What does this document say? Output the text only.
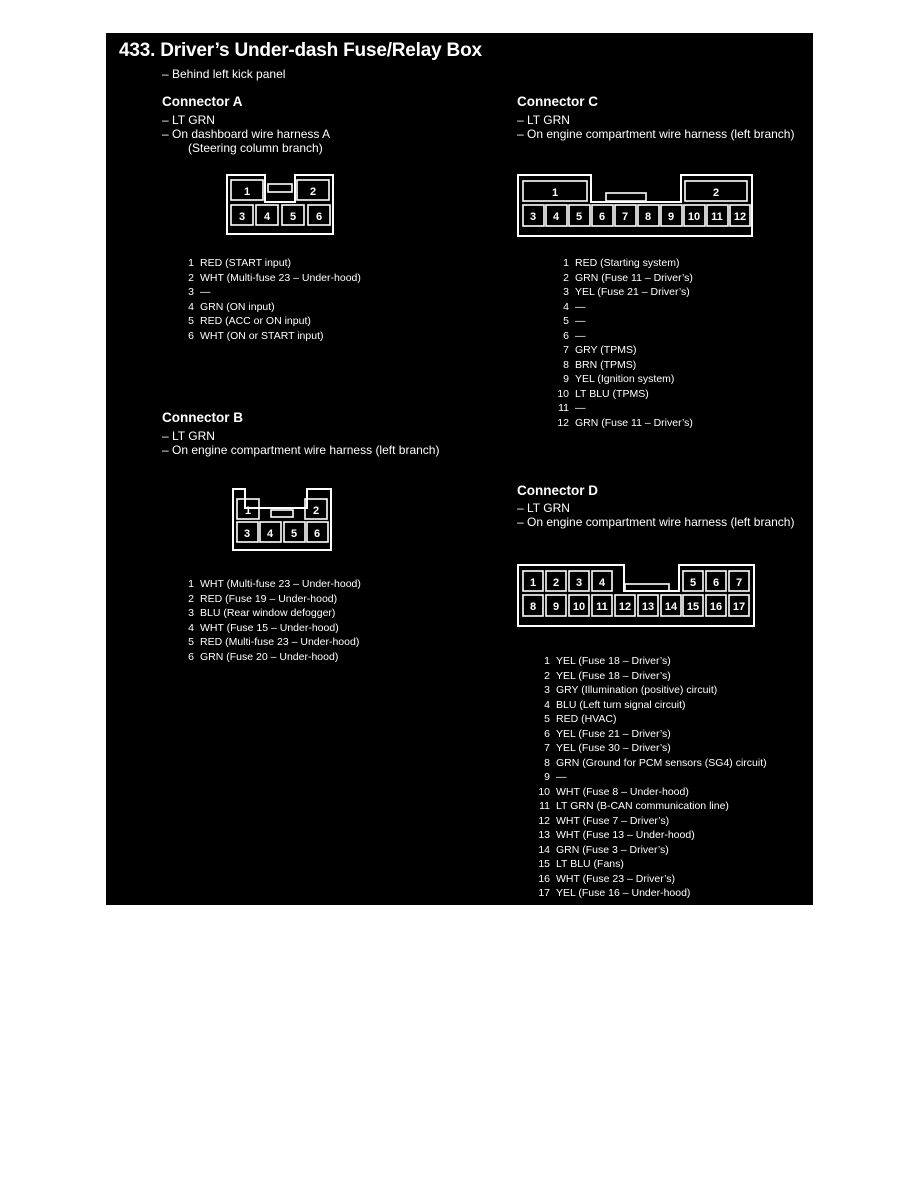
433. Driver’s Under-dash Fuse/Relay Box
– Behind left kick panel
Connector A
– LT GRN
– On dashboard wire harness A
(Steering column branch)
1	2
3 4 5 6
1 RED (START input)
2 WHT (Multi-fuse 23 – Under-hood)
3 —
4 GRN (ON input)
5 RED (ACC or ON input)
6 WHT (ON or START input)
Connector B
– LT GRN
– On engine compartment wire harness (left branch)
1	2
3 4 5 6
1 WHT (Multi-fuse 23 – Under-hood)
2 RED (Fuse 19 – Under-hood)
3 BLU (Rear window defogger)
4 WHT (Fuse 15 – Under-hood)
5 RED (Multi-fuse 23 – Under-hood)
6 GRN (Fuse 20 – Under-hood)
Connector C
– LT GRN
– On engine compartment wire harness (left branch)
1	2
3 4 5 6 7 8 9 10 11 12
1 RED (Starting system)
2 GRN (Fuse 11 – Driver’s)
3 YEL (Fuse 21 – Driver’s)
4 —
5 —
6 —
7 GRY (TPMS)
8 BRN (TPMS)
9 YEL (Ignition system)
10 LT BLU (TPMS)
11 —
12 GRN (Fuse 11 – Driver’s)
Connector D
– LT GRN
– On engine compartment wire harness (left branch)
1 2 3 4	5 6 7
8 9 10 11 12 13 14 15 16 17
1 YEL (Fuse 18 – Driver’s)
2 YEL (Fuse 18 – Driver’s)
3 GRY (Illumination (positive) circuit)
4 BLU (Left turn signal circuit)
5 RED (HVAC)
6 YEL (Fuse 21 – Driver’s)
7 YEL (Fuse 30 – Driver’s)
8 GRN (Ground for PCM sensors (SG4) circuit)
9 —
10 WHT (Fuse 8 – Under-hood)
11 LT GRN (B-CAN communication line)
12 WHT (Fuse 7 – Driver’s)
13 WHT (Fuse 13 – Under-hood)
14 GRN (Fuse 3 – Driver’s)
15 LT BLU (Fans)
16 WHT (Fuse 23 – Driver’s)
17 YEL (Fuse 16 – Under-hood)
